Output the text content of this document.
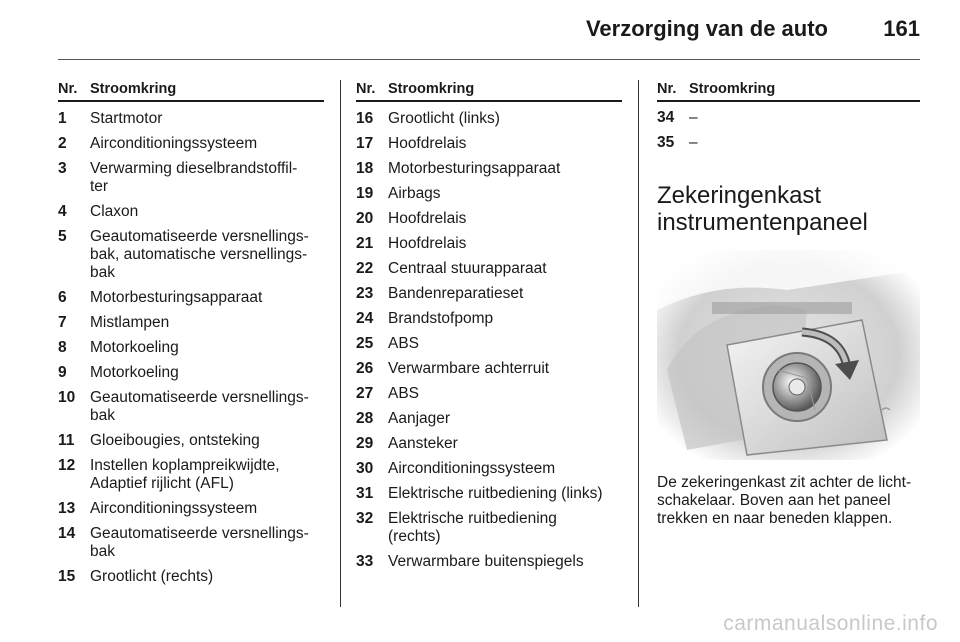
Verzorging van de auto	161
Nr. Stroomkring
1	Startmotor
2	Airconditioningssysteem
3	Verwarming dieselbrandstoffil-
ter
4	Claxon
5	Geautomatiseerde versnellings-
bak, automatische versnellings-
bak
6	Motorbesturingsapparaat
7	Mistlampen
8	Motorkoeling
9	Motorkoeling
10 Geautomatiseerde versnellings-
bak
11	Gloeibougies, ontsteking
12 Instellen koplampreikwijdte,
Adaptief rijlicht (AFL)
13 Airconditioningssysteem
14 Geautomatiseerde versnellings-
bak
15 Grootlicht (rechts)
Nr. Stroomkring
16 Grootlicht (links)
17 Hoofdrelais
18 Motorbesturingsapparaat
19 Airbags
20 Hoofdrelais
21 Hoofdrelais
22 Centraal stuurapparaat
23 Bandenreparatieset
24 Brandstofpomp
25 ABS
26 Verwarmbare achterruit
27 ABS
28 Aanjager
29 Aansteker
30 Airconditioningssysteem
31 Elektrische ruitbediening (links)
32 Elektrische ruitbediening
(rechts)
33 Verwarmbare buitenspiegels
Nr. Stroomkring
34 –
35 –
Zekeringenkast
instrumentenpaneel
De zekeringenkast zit achter de licht-
schakelaar. Boven aan het paneel
trekken en naar beneden klappen.
carmanualsonline.info
